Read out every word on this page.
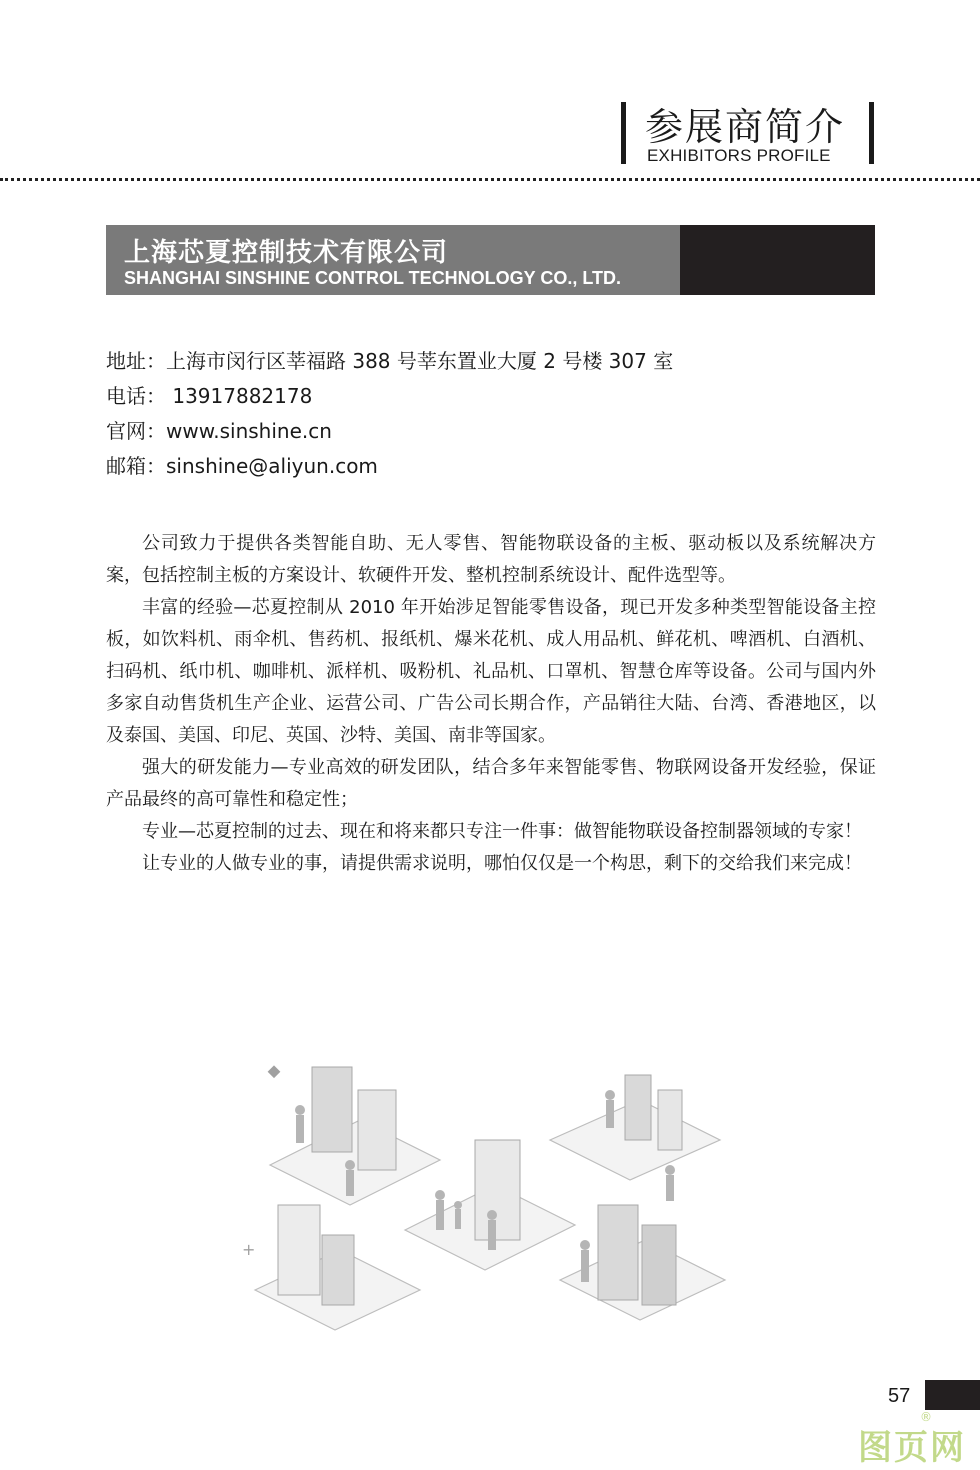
参展商简介
EXHIBITORS PROFILE
上海芯夏控制技术有限公司
SHANGHAI SINSHINE CONTROL TECHNOLOGY CO., LTD.
地址：上海市闵行区莘福路 388 号莘东置业大厦 2 号楼 307 室
电话： 13917882178
官网：www.sinshine.cn
邮箱：sinshine@aliyun.com

公司致力于提供各类智能自助、无人零售、智能物联设备的主板、驱动板以及系统解决方案，包括控制主板的方案设计、软硬件开发、整机控制系统设计、配件选型等。

丰富的经验—芯夏控制从 2010 年开始涉足智能零售设备，现已开发多种类型智能设备主控板，如饮料机、雨伞机、售药机、报纸机、爆米花机、成人用品机、鲜花机、啤酒机、白酒机、扫码机、纸巾机、咖啡机、派样机、吸粉机、礼品机、口罩机、智慧仓库等设备。公司与国内外多家自动售货机生产企业、运营公司、广告公司长期合作，产品销往大陆、台湾、香港地区，以及泰国、美国、印尼、英国、沙特、美国、南非等国家。

强大的研发能力—专业高效的研发团队，结合多年来智能零售、物联网设备开发经验，保证产品最终的高可靠性和稳定性；

专业—芯夏控制的过去、现在和将来都只专注一件事：做智能物联设备控制器领域的专家！

让专业的人做专业的事，请提供需求说明，哪怕仅仅是一个构思，剩下的交给我们来完成！

+
57
图页网
®
